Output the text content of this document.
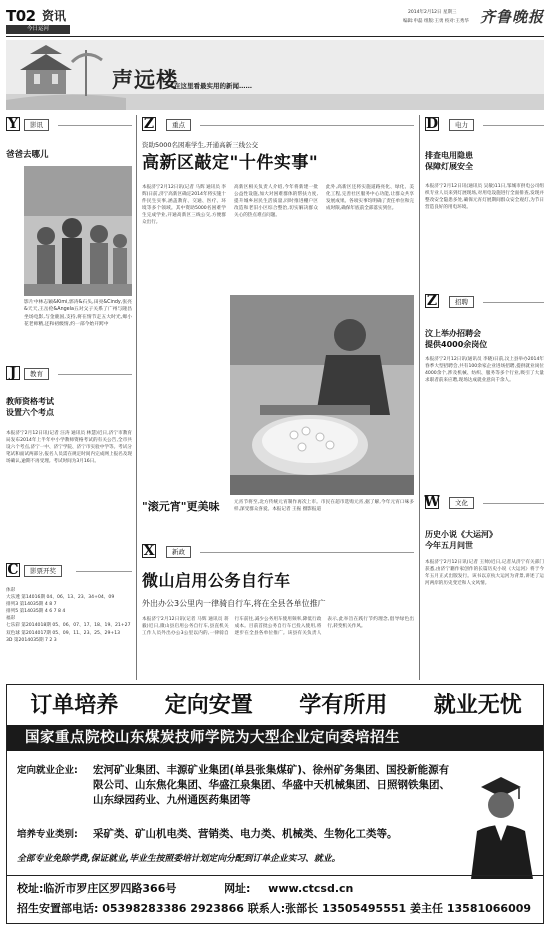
T02 资讯
今日运河
2014年2月12日 星期三
编辑:申磊 组版:王勇 校对:王秀华 齐鲁晚报
声远楼
在这里看最实用的新闻……
Y	影讯
爸爸去哪儿
影片中林志颖&Kimi,郭涛&石头,田亮&Cindy,张亮&天天,王岳伦&Angela五对父子关系了广州与隆昌坐场电影,与金鹿国,支持,将在情节走五大时光,爆小花老师精,还和初级情,约一部今始开跨中
J	教育
教师资格考试
设置六个考点
本报济宁2月12日讯(记者 汪涛 通讯员 林慧)近日,济宁市教育局发布2014年上半年中小学教师资格考试的有关公告,全市共设六个考点,济宁一中、济宁学院、济宁市实验中学等。考试分笔试和面试两部分,报名人员需在规定时间内完成网上报名及现场确认,逾期不再受理。考试时间为3月16日。
C	影票开奖
体彩
大乐透 第14016期 04、06、13、23、34+04、09
排列3 第14035期 4 8 7
排列5 第14035期 4 6 7 8 4
福彩
七乐彩 第2014018期 05、06、07、17、18、19、21+27
双色球 第2014017期 05、09、11、23、25、29+13
3D 第2014035期 7 2 3
Z	重点
资助5000名困难学生,开通高新三线公交
高新区敲定"十件实事"
本报济宁2月12日讯(记者 马辉 通讯员 李辉)日前,济宁高新区确定2014年将实施十件民生实事,涵盖教育、交通、医疗、环境等多个领域。其中资助5000名困难学生完成学业,开通高新区三线公交,方便群众出行。
高新区相关负责人介绍,今年将新建一批公益性设施,加大对困难群体的帮扶力度,提升城乡居民生活质量,同时推进棚户区改造和老旧小区综合整治,切实解决群众关心的热点难点问题。
此外,高新区还将实施道路亮化、绿化、美化工程,完善社区服务中心功能,让群众共享发展成果。各项实事均明确了责任单位和完成时限,确保年底前全部落实到位。
"滚元宵"更美味	元宵节将至,北方传统元宵制作再次上市。市民在超市选购元宵,据了解,今年元宵口味多样,深受群众喜爱。本报记者 王振 摄影报道
X	新政
微山启用公务自行车
外出办公3公里内一律骑自行车,将在全县各单位推广
本报济宁2月12日讯(记者 马辉 通讯员 蒋毅)近日,微山县启用公务自行车,县直机关工作人员外出办公3公里以内的,一律骑自行车前往,减少公务用车使用频率,降低行政成本。目前首批公务自行车已投入使用,将逐步在全县各单位推广。该县有关负责人表示,此举旨在践行节约理念,倡导绿色出行,转变机关作风。
D	电力
排查电用隐患
保障灯展安全
本报济宁2月12日讯(通讯员 吴敏)11日,邹城市供电公司组织专业人员来到灯展现场,对用电设施进行全面排查,发现并整改安全隐患多处,确保元宵灯展期间群众安全观灯,为节日营造良好的用电环境。
Z	招聘
汶上举办招聘会
提供4000余岗位
本报济宁2月12日讯(通讯员 李晓)日前,汶上县举办2014年春季大型招聘会,共有100余家企业进场招聘,提供就业岗位4000余个,涉及机械、纺织、服务等多个行业,吸引了大量求职者前来应聘,现场达成就业意向千余人。
W	文化
历史小说《大运河》
今年五月问世
本报济宁2月12日讯(记者 王帅)近日,记者从济宁有关部门获悉,由济宁籍作家创作的长篇历史小说《大运河》将于今年五月正式出版发行。该书以京杭大运河为背景,讲述了运河两岸的历史变迁和人文风情。
订单培养 定向安置 学有所用 就业无忧
国家重点院校山东煤炭技师学院为大型企业定向委培招生
定向就业企业: 宏河矿业集团、丰源矿业集团(单县张集煤矿)、徐州矿务集团、国投新能源有限公司、山东焦化集团、华盛江泉集团、华盛中天机械集团、日照钢铁集团、山东绿园药业、九州通医药集团等
培养专业类别: 采矿类、矿山机电类、营销类、电力类、机械类、生物化工类等。
全部专业免除学费,保证就业,毕业生按照委培计划定向分配到订单企业实习、就业。
校址:临沂市罗庄区罗四路366号	网址: www.ctcsd.cn
招生安置部电话: 05398283386 2923866 联系人:张部长 13505495551 姜主任 13581066009
